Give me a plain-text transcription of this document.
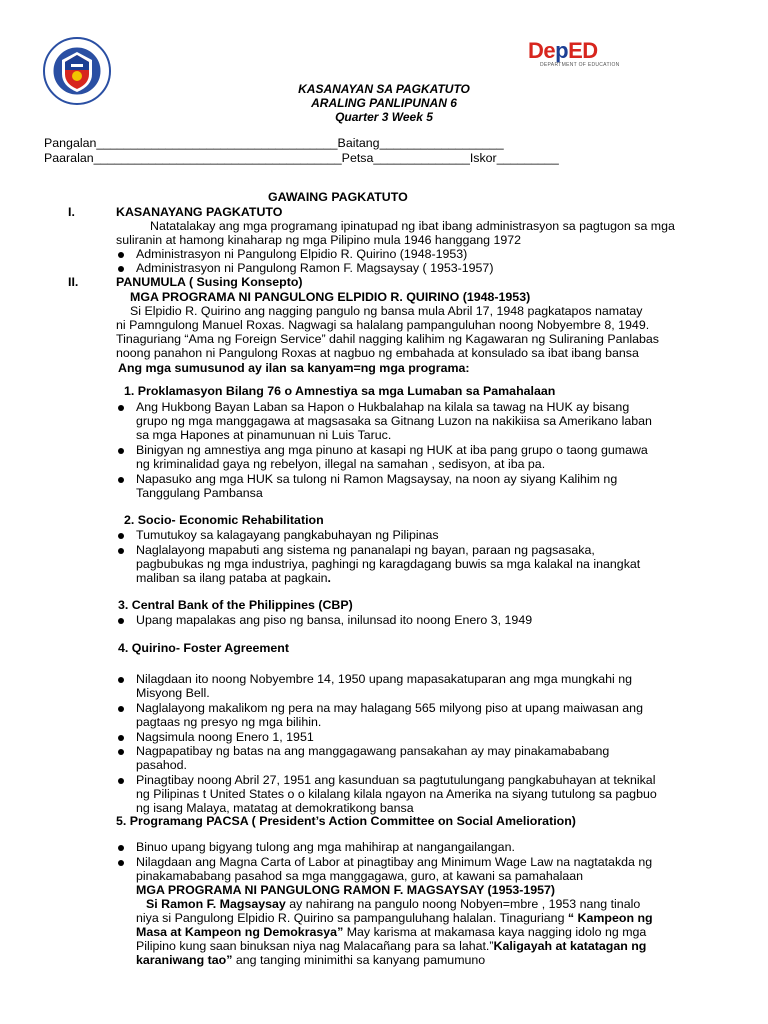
DepED
DEPARTMENT OF EDUCATION
KASANAYAN SA PAGKATUTO
ARALING PANLIPUNAN 6
Quarter 3 Week 5
Pangalan___________________________________Baitang__________________
Paaralan____________________________________Petsa______________Iskor_________
GAWAING PAGKATUTO
I.	KASANAYANG PAGKATUTO
Natatalakay ang mga programang ipinatupad ng ibat ibang administrasyon sa pagtugon sa mga
suliranin at hamong kinaharap ng mga Pilipino mula 1946 hanggang 1972
Administrasyon ni Pangulong Elpidio R. Quirino (1948-1953)
Administrasyon ni Pangulong Ramon F. Magsaysay ( 1953-1957)
II.	PANUMULA ( Susing Konsepto)
MGA PROGRAMA NI PANGULONG ELPIDIO R. QUIRINO (1948-1953)
Si Elpidio R. Quirino ang nagging pangulo ng bansa mula Abril 17, 1948 pagkatapos namatay
ni Pamngulong Manuel Roxas. Nagwagi sa halalang pampanguluhan noong Nobyembre 8, 1949.
Tinaguriang “Ama ng Foreign Service” dahil nagging kalihim ng Kagawaran ng Suliraning Panlabas
noong panahon ni Pangulong Roxas at nagbuo ng embahada at konsulado sa ibat ibang bansa
Ang mga sumusunod ay ilan sa kanyam=ng mga programa:
1. Proklamasyon Bilang 76 o Amnestiya sa mga Lumaban sa Pamahalaan
Ang Hukbong Bayan Laban sa Hapon o Hukbalahap na kilala sa tawag na HUK ay bisang
grupo ng mga manggagawa at magsasaka sa Gitnang Luzon na nakikiisa sa Amerikano laban
sa mga Hapones at pinamunuan ni Luis Taruc.
Binigyan ng amnestiya ang mga pinuno at kasapi ng HUK at iba pang grupo o taong gumawa
ng kriminalidad gaya ng rebelyon, illegal na samahan , sedisyon, at iba pa.
Napasuko ang mga HUK sa tulong ni Ramon Magsaysay, na noon ay siyang Kalihim ng
Tanggulang Pambansa
2. Socio- Economic Rehabilitation
Tumutukoy sa kalagayang pangkabuhayan ng Pilipinas
Naglalayong mapabuti ang sistema ng pananalapi ng bayan, paraan ng pagsasaka,
pagbubukas ng mga industriya, paghingi ng karagdagang buwis sa mga kalakal na inangkat
maliban sa ilang pataba at pagkain.
3. Central Bank of the Philippines (CBP)
Upang mapalakas ang piso ng bansa, inilunsad ito noong Enero 3, 1949
4. Quirino- Foster Agreement
Nilagdaan ito noong Nobyembre 14, 1950 upang mapasakatuparan ang mga mungkahi ng
Misyong Bell.
Naglalayong makalikom ng pera na may halagang 565 milyong piso at upang maiwasan ang
pagtaas ng presyo ng mga bilihin.
Nagsimula noong Enero 1, 1951
Nagpapatibay ng batas na ang manggagawang pansakahan ay may pinakamababang
pasahod.
Pinagtibay noong Abril 27, 1951 ang kasunduan sa pagtutulungang pangkabuhayan at teknikal
ng Pilipinas t United States o o kilalang kilala ngayon na Amerika na siyang tutulong sa pagbuo
ng isang Malaya, matatag at demokratikong bansa
5. Programang PACSA ( President’s Action Committee on Social Amelioration)
Binuo upang bigyang tulong ang mga mahihirap at nangangailangan.
Nilagdaan ang Magna Carta of Labor at pinagtibay ang Minimum Wage Law na nagtatakda ng
pinakamababang pasahod sa mga manggagawa, guro, at kawani sa pamahalaan
MGA PROGRAMA NI PANGULONG RAMON F. MAGSAYSAY (1953-1957)
Si Ramon F. Magsaysay ay nahirang na pangulo noong Nobyen=mbre , 1953 nang tinalo
niya si Pangulong Elpidio R. Quirino sa pampanguluhang halalan. Tinaguriang “ Kampeon ng
Masa at Kampeon ng Demokrasya” May karisma at makamasa kaya nagging idolo ng mga
Pilipino kung saan binuksan niya nag Malacañang para sa lahat.”Kaligayah at katatagan ng
karaniwang tao” ang tanging minimithi sa kanyang pamumuno
